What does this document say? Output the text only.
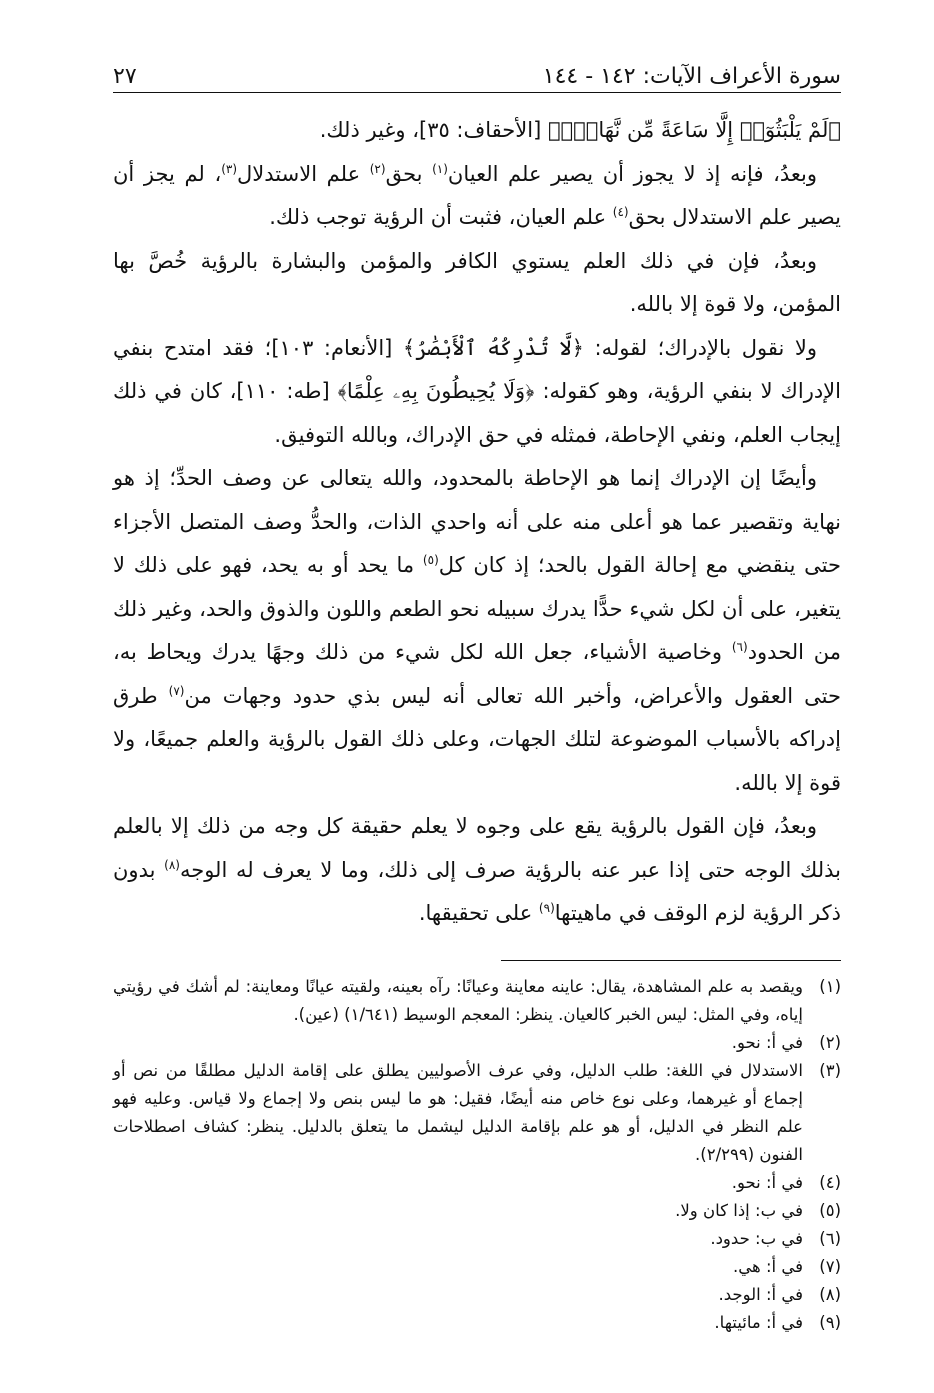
سورة الأعراف الآيات: ١٤٢ - ١٤٤
٢٧

﴿لَمْ يَلْبَثُوٓا۟ إِلَّا سَاعَةً مِّن نَّهَارٍۭ﴾ [الأحقاف: ٣٥]، وغير ذلك.

وبعدُ، فإنه إذ لا يجوز أن يصير علم العيان$^{(١)}$ بحق$^{(٢)}$ علم الاستدلال$^{(٣)}$، لم يجز أن يصير علم الاستدلال بحق$^{(٤)}$ علم العيان، فثبت أن الرؤية توجب ذلك.

وبعدُ، فإن في ذلك العلم يستوي الكافر والمؤمن والبشارة بالرؤية خُصَّ بها المؤمن، ولا قوة إلا بالله.

ولا نقول بالإدراك؛ لقوله: ﴿لَّا تُدْرِكُهُ ٱلْأَبْصَٰرُ﴾ [الأنعام: ١٠٣]؛ فقد امتدح بنفي الإدراك لا بنفي الرؤية، وهو كقوله: ﴿وَلَا يُحِيطُونَ بِهِۦ عِلْمًا﴾ [طه: ١١٠]، كان في ذلك إيجاب العلم، ونفي الإحاطة، فمثله في حق الإدراك، وبالله التوفيق.

وأيضًا إن الإدراك إنما هو الإحاطة بالمحدود، والله يتعالى عن وصف الحدِّ؛ إذ هو نهاية وتقصير عما هو أعلى منه على أنه واحدي الذات، والحدُّ وصف المتصل الأجزاء حتى ينقضي مع إحالة القول بالحد؛ إذ كان كل$^{(٥)}$ ما يحد أو به يحد، فهو على ذلك لا يتغير، على أن لكل شيء حدًّا يدرك سبيله نحو الطعم واللون والذوق والحد، وغير ذلك من الحدود$^{(٦)}$ وخاصية الأشياء، جعل الله لكل شيء من ذلك وجهًا يدرك ويحاط به، حتى العقول والأعراض، وأخبر الله تعالى أنه ليس بذي حدود وجهات من$^{(٧)}$ طرق إدراكه بالأسباب الموضوعة لتلك الجهات، وعلى ذلك القول بالرؤية والعلم جميعًا، ولا قوة إلا بالله.

وبعدُ، فإن القول بالرؤية يقع على وجوه لا يعلم حقيقة كل وجه من ذلك إلا بالعلم بذلك الوجه حتى إذا عبر عنه بالرؤية صرف إلى ذلك، وما لا يعرف له الوجه$^{(٨)}$ بدون ذكر الرؤية لزم الوقف في ماهيتها$^{(٩)}$ على تحقيقها.

(١)
ويقصد به علم المشاهدة، يقال: عاينه معاينة وعيانًا: رآه بعينه، ولقيته عيانًا ومعاينة: لم أشك في رؤيتي إياه، وفي المثل: ليس الخبر كالعيان. ينظر: المعجم الوسيط (١/٦٤١) (عين).
(٢)
في أ: نحو.
(٣)
الاستدلال في اللغة: طلب الدليل، وفي عرف الأصوليين يطلق على إقامة الدليل مطلقًا من نص أو إجماع أو غيرهما، وعلى نوع خاص منه أيضًا، فقيل: هو ما ليس بنص ولا إجماع ولا قياس. وعليه فهو علم النظر في الدليل، أو هو علم بإقامة الدليل ليشمل ما يتعلق بالدليل. ينظر: كشاف اصطلاحات الفنون (٢/٢٩٩).
(٤)
في أ: نحو.
(٥)
في ب: إذا كان ولا.
(٦)
في ب: حدود.
(٧)
في أ: هي.
(٨)
في أ: الوجد.
(٩)
في أ: مائيتها.
